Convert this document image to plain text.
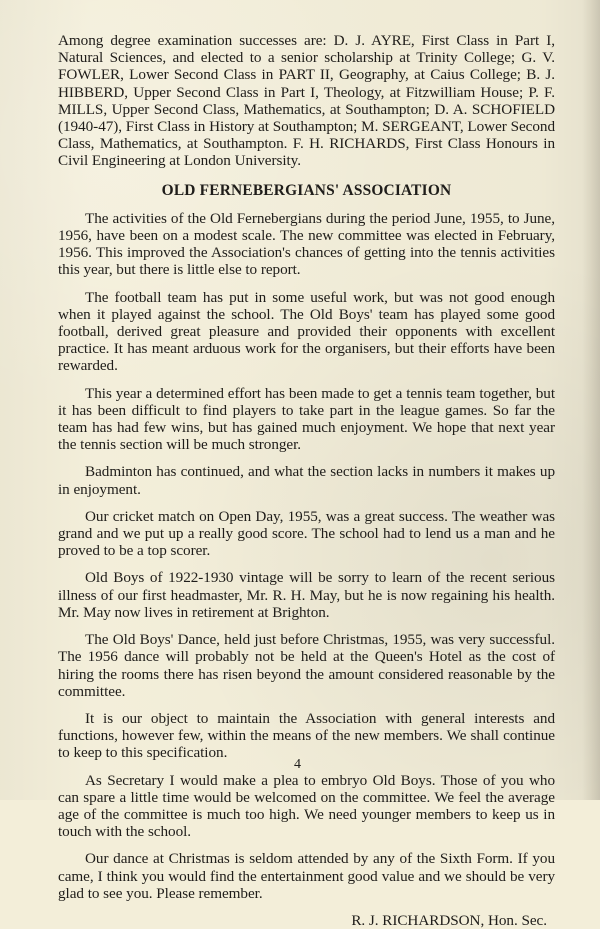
Among degree examination successes are: D. J. AYRE, First Class in Part I, Natural Sciences, and elected to a senior scholarship at Trinity College; G. V. FOWLER, Lower Second Class in PART II, Geography, at Caius College; B. J. HIBBERD, Upper Second Class in Part I, Theology, at Fitzwilliam House; P. F. MILLS, Upper Second Class, Mathematics, at Southampton; D. A. SCHOFIELD (1940-47), First Class in History at Southampton; M. SERGEANT, Lower Second Class, Mathematics, at Southampton. F. H. RICHARDS, First Class Honours in Civil Engineering at London University.

OLD FERNEBERGIANS' ASSOCIATION

The activities of the Old Fernebergians during the period June, 1955, to June, 1956, have been on a modest scale. The new committee was elected in February, 1956. This improved the Association's chances of getting into the tennis activities this year, but there is little else to report.

The football team has put in some useful work, but was not good enough when it played against the school. The Old Boys' team has played some good football, derived great pleasure and provided their opponents with excellent practice. It has meant arduous work for the organisers, but their efforts have been rewarded.

This year a determined effort has been made to get a tennis team together, but it has been difficult to find players to take part in the league games. So far the team has had few wins, but has gained much enjoyment. We hope that next year the tennis section will be much stronger.

Badminton has continued, and what the section lacks in numbers it makes up in enjoyment.

Our cricket match on Open Day, 1955, was a great success. The weather was grand and we put up a really good score. The school had to lend us a man and he proved to be a top scorer.

Old Boys of 1922-1930 vintage will be sorry to learn of the recent serious illness of our first headmaster, Mr. R. H. May, but he is now regaining his health. Mr. May now lives in retirement at Brighton.

The Old Boys' Dance, held just before Christmas, 1955, was very successful. The 1956 dance will probably not be held at the Queen's Hotel as the cost of hiring the rooms there has risen beyond the amount considered reasonable by the committee.

It is our object to maintain the Association with general interests and functions, however few, within the means of the new members. We shall continue to keep to this specification.

As Secretary I would make a plea to embryo Old Boys. Those of you who can spare a little time would be welcomed on the committee. We feel the average age of the committee is much too high. We need younger members to keep us in touch with the school.

Our dance at Christmas is seldom attended by any of the Sixth Form. If you came, I think you would find the entertainment good value and we should be very glad to see you. Please remember.

R. J. RICHARDSON, Hon. Sec.

4
